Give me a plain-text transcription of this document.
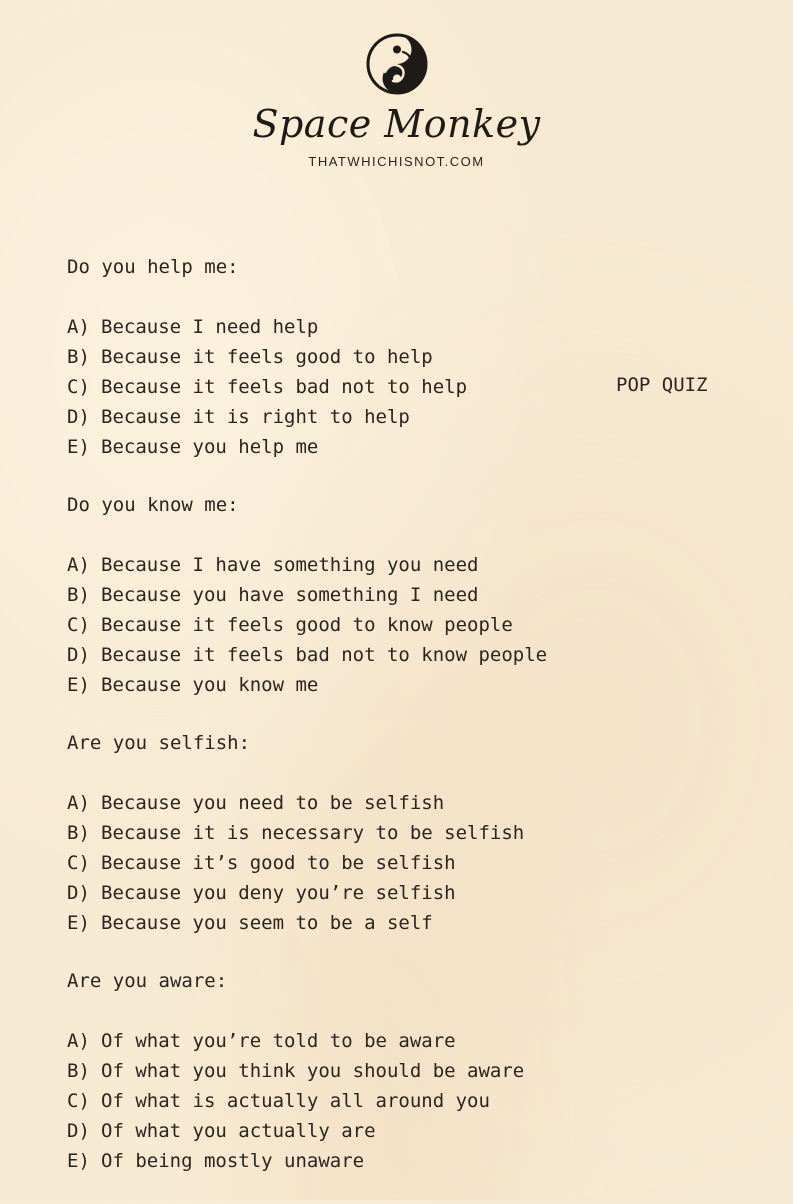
Space Monkey
THATWHICHISNOT.COM
POP QUIZ
Do you help me:
A) Because I need help
B) Because it feels good to help
C) Because it feels bad not to help
D) Because it is right to help
E) Because you help me
Do you know me:
A) Because I have something you need
B) Because you have something I need
C) Because it feels good to know people
D) Because it feels bad not to know people
E) Because you know me
Are you selfish:
A) Because you need to be selfish
B) Because it is necessary to be selfish
C) Because it’s good to be selfish
D) Because you deny you’re selfish
E) Because you seem to be a self
Are you aware:
A) Of what you’re told to be aware
B) Of what you think you should be aware
C) Of what is actually all around you
D) Of what you actually are
E) Of being mostly unaware
